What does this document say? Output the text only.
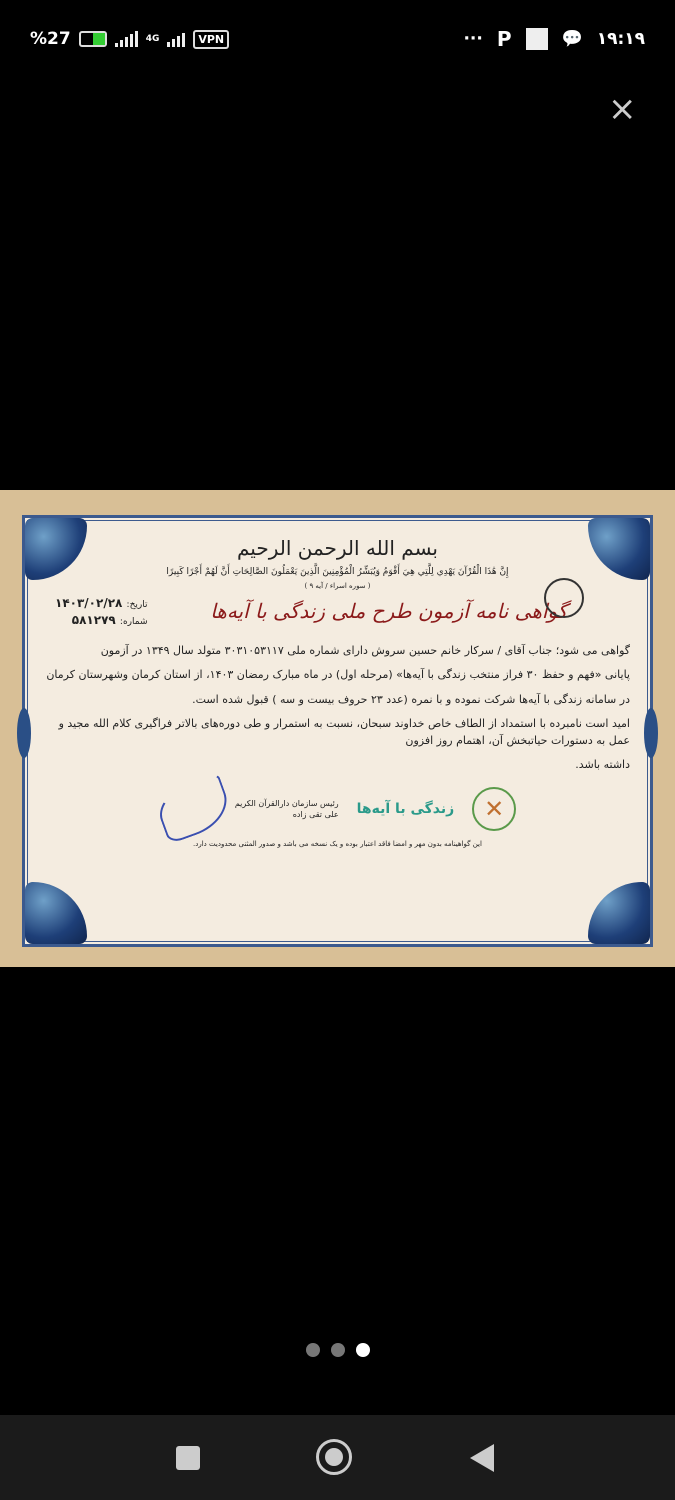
%27	4G	VPN	··· P	💬 ۱۹:۱۹
×
بسم الله الرحمن الرحيم
إِنَّ هَٰذَا الْقُرْآنَ يَهْدِي لِلَّتِي هِيَ أَقْوَمُ وَيُبَشِّرُ الْمُؤْمِنِينَ الَّذِينَ يَعْمَلُونَ الصَّالِحَاتِ أَنَّ لَهُمْ أَجْرًا كَبِيرًا
( سوره اسراء / آیه ۹ )
تاریخ: ۱۴۰۳/۰۲/۲۸
شماره: ۵۸۱۲۷۹	گواهی نامه آزمون طرح ملی زندگی با آیه‌ها
گواهی می شود؛ جناب آقای / سرکار خانم حسین سروش دارای شماره ملی ۳۰۳۱۰۵۳۱۱۷ متولد سال ۱۳۴۹ در آزمون
پایانی «فهم و حفظ ۳۰ فراز منتخب زندگی با آیه‌ها» (مرحله اول) در ماه مبارک رمضان ۱۴۰۳، از استان کرمان وشهرستان کرمان
در سامانه زندگی با آیه‌ها شرکت نموده و با نمره (عدد ۲۳ حروف بیست و سه ) قبول شده است.
امید است نامبرده با استمداد از الطاف خاص خداوند سبحان، نسبت به استمرار و طی دوره‌های بالاتر فراگیری کلام الله مجید و عمل به دستورات حیاتبخش آن، اهتمام روز افزون
داشته باشد.
رئیس سازمان دارالقرآن الکریم
علی تقی زاده زندگی با آیه‌ها	✕
این گواهینامه بدون مهر و امضا فاقد اعتبار بوده و یک نسخه می باشد و صدور المثنی محدودیت دارد.
